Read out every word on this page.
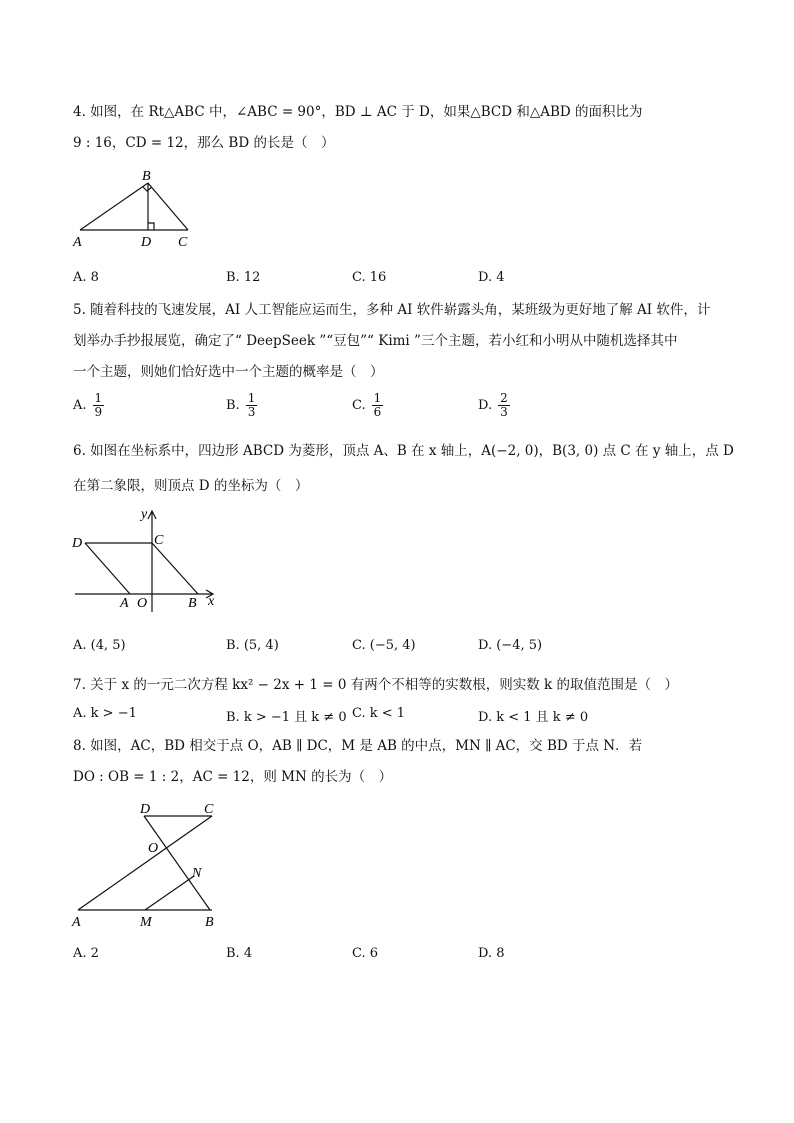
4. 如图，在 Rt△ABC 中，∠ABC = 90°，BD ⊥ AC 于 D，如果△BCD 和△ABD 的面积比为
9 : 16，CD = 12，那么 BD 的长是（　）
B
A	D C
A. 8	B. 12	C. 16	D. 4
5. 随着科技的飞速发展，AI 人工智能应运而生，多种 AI 软件崭露头角，某班级为更好地了解 AI 软件，计
划举办手抄报展览，确定了“ DeepSeek ”“豆包”“ Kimi ”三个主题，若小红和小明从中随机选择其中
一个主题，则她们恰好选中一个主题的概率是（　）
A. $\frac{1}{9}$	B. $\frac{1}{3}$	C. $\frac{1}{6}$	D. $\frac{2}{3}$
6. 如图在坐标系中，四边形 ABCD 为菱形，顶点 A、B 在 x 轴上，A(−2, 0)，B(3, 0) 点 C 在 y 轴上，点 D
在第二象限，则顶点 D 的坐标为（　）
y
D	C
A O	B x
A. (4, 5)	B. (5, 4)	C. (−5, 4)	D. (−4, 5)
7. 关于 x 的一元二次方程 kx² − 2x + 1 = 0 有两个不相等的实数根，则实数 k 的取值范围是（　）
A. k > −1	B. k > −1 且 k ≠ 0 C. k < 1	D. k < 1 且 k ≠ 0
8. 如图，AC，BD 相交于点 O，AB ∥ DC，M 是 AB 的中点，MN ∥ AC，交 BD 于点 N．若
DO : OB = 1 : 2，AC = 12，则 MN 的长为（　）
D	C
O
N
A	M	B
A. 2	B. 4	C. 6	D. 8
